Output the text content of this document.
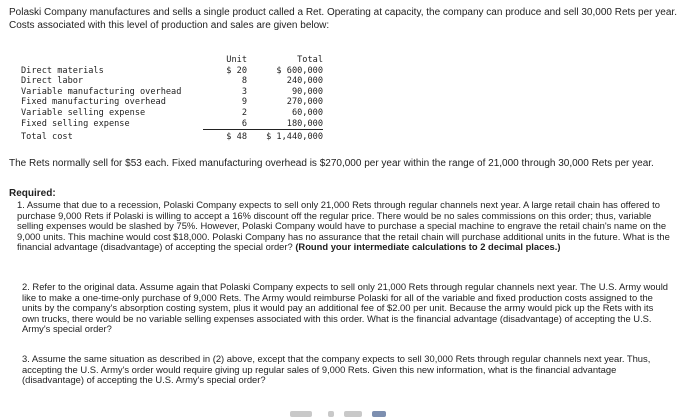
Polaski Company manufactures and sells a single product called a Ret. Operating at capacity, the company can produce and sell 30,000 Rets per year. Costs associated with this level of production and sales are given below:

	Unit	Total
Direct materials	$ 20	$ 600,000
Direct labor	8	240,000
Variable manufacturing overhead	3	90,000
Fixed manufacturing overhead	9	270,000
Variable selling expense	2	60,000
Fixed selling expense	6	180,000
Total cost	$ 48	$ 1,440,000

The Rets normally sell for $53 each. Fixed manufacturing overhead is $270,000 per year within the range of 21,000 through 30,000 Rets per year.

Required:

1. Assume that due to a recession, Polaski Company expects to sell only 21,000 Rets through regular channels next year. A large retail chain has offered to purchase 9,000 Rets if Polaski is willing to accept a 16% discount off the regular price. There would be no sales commissions on this order; thus, variable selling expenses would be slashed by 75%. However, Polaski Company would have to purchase a special machine to engrave the retail chain's name on the 9,000 units. This machine would cost $18,000. Polaski Company has no assurance that the retail chain will purchase additional units in the future. What is the financial advantage (disadvantage) of accepting the special order? (Round your intermediate calculations to 2 decimal places.)

2. Refer to the original data. Assume again that Polaski Company expects to sell only 21,000 Rets through regular channels next year. The U.S. Army would like to make a one-time-only purchase of 9,000 Rets. The Army would reimburse Polaski for all of the variable and fixed production costs assigned to the units by the company's absorption costing system, plus it would pay an additional fee of $2.00 per unit. Because the army would pick up the Rets with its own trucks, there would be no variable selling expenses associated with this order. What is the financial advantage (disadvantage) of accepting the U.S. Army's special order?

3. Assume the same situation as described in (2) above, except that the company expects to sell 30,000 Rets through regular channels next year. Thus, accepting the U.S. Army's order would require giving up regular sales of 9,000 Rets. Given this new information, what is the financial advantage (disadvantage) of accepting the U.S. Army's special order?
